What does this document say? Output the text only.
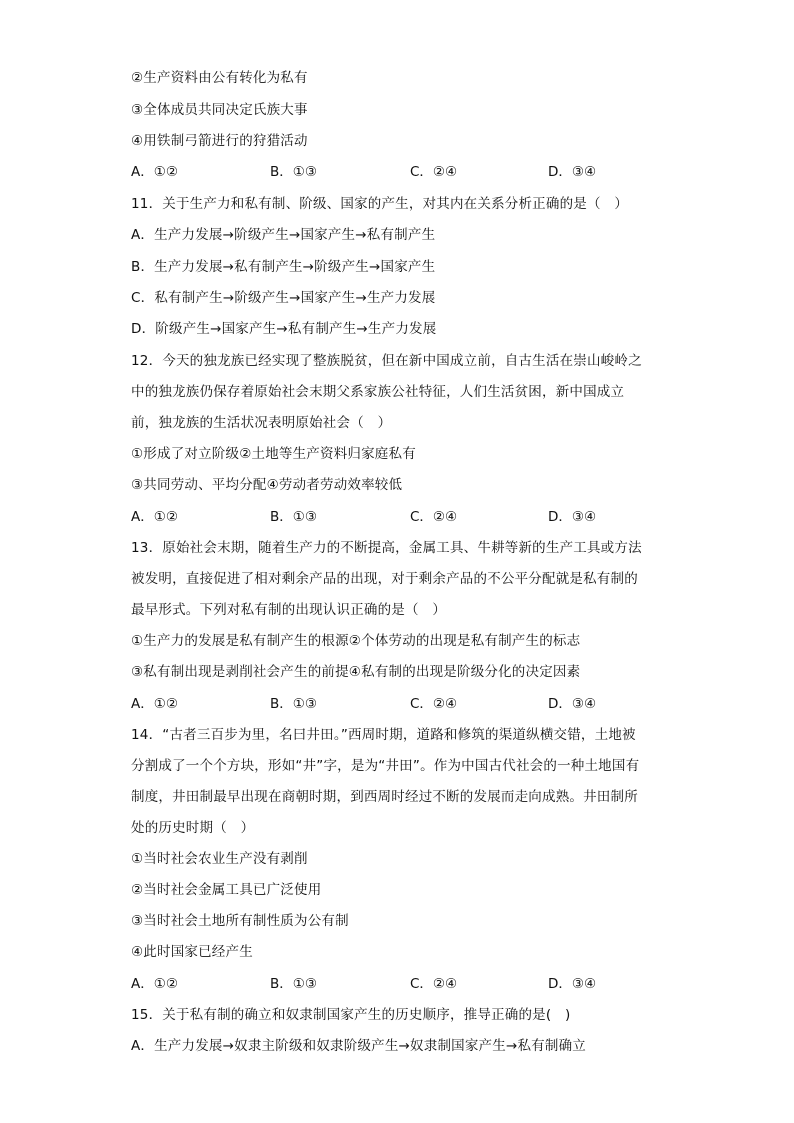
②生产资料由公有转化为私有
③全体成员共同决定氏族大事
④用铁制弓箭进行的狩猎活动
A．①②	B．①③	C．②④	D．③④
11．关于生产力和私有制、阶级、国家的产生，对其内在关系分析正确的是（　）
A．生产力发展→阶级产生→国家产生→私有制产生
B．生产力发展→私有制产生→阶级产生→国家产生
C．私有制产生→阶级产生→国家产生→生产力发展
D．阶级产生→国家产生→私有制产生→生产力发展
12．今天的独龙族已经实现了整族脱贫，但在新中国成立前，自古生活在崇山峻岭之
中的独龙族仍保存着原始社会末期父系家族公社特征，人们生活贫困，新中国成立
前，独龙族的生活状况表明原始社会（　）
①形成了对立阶级②土地等生产资料归家庭私有
③共同劳动、平均分配④劳动者劳动效率较低
A．①②	B．①③	C．②④	D．③④
13．原始社会末期，随着生产力的不断提高，金属工具、牛耕等新的生产工具或方法
被发明，直接促进了相对剩余产品的出现，对于剩余产品的不公平分配就是私有制的
最早形式。下列对私有制的出现认识正确的是（　）
①生产力的发展是私有制产生的根源②个体劳动的出现是私有制产生的标志
③私有制出现是剥削社会产生的前提④私有制的出现是阶级分化的决定因素
A．①②	B．①③	C．②④	D．③④
14．“古者三百步为里，名曰井田。”西周时期，道路和修筑的渠道纵横交错，土地被
分割成了一个个方块，形如“井”字，是为“井田”。作为中国古代社会的一种土地国有
制度，井田制最早出现在商朝时期，到西周时经过不断的发展而走向成熟。井田制所
处的历史时期（　）
①当时社会农业生产没有剥削
②当时社会金属工具已广泛使用
③当时社会土地所有制性质为公有制
④此时国家已经产生
A．①②	B．①③	C．②④	D．③④
15．关于私有制的确立和奴隶制国家产生的历史顺序，推导正确的是(　)
A．生产力发展→奴隶主阶级和奴隶阶级产生→奴隶制国家产生→私有制确立
